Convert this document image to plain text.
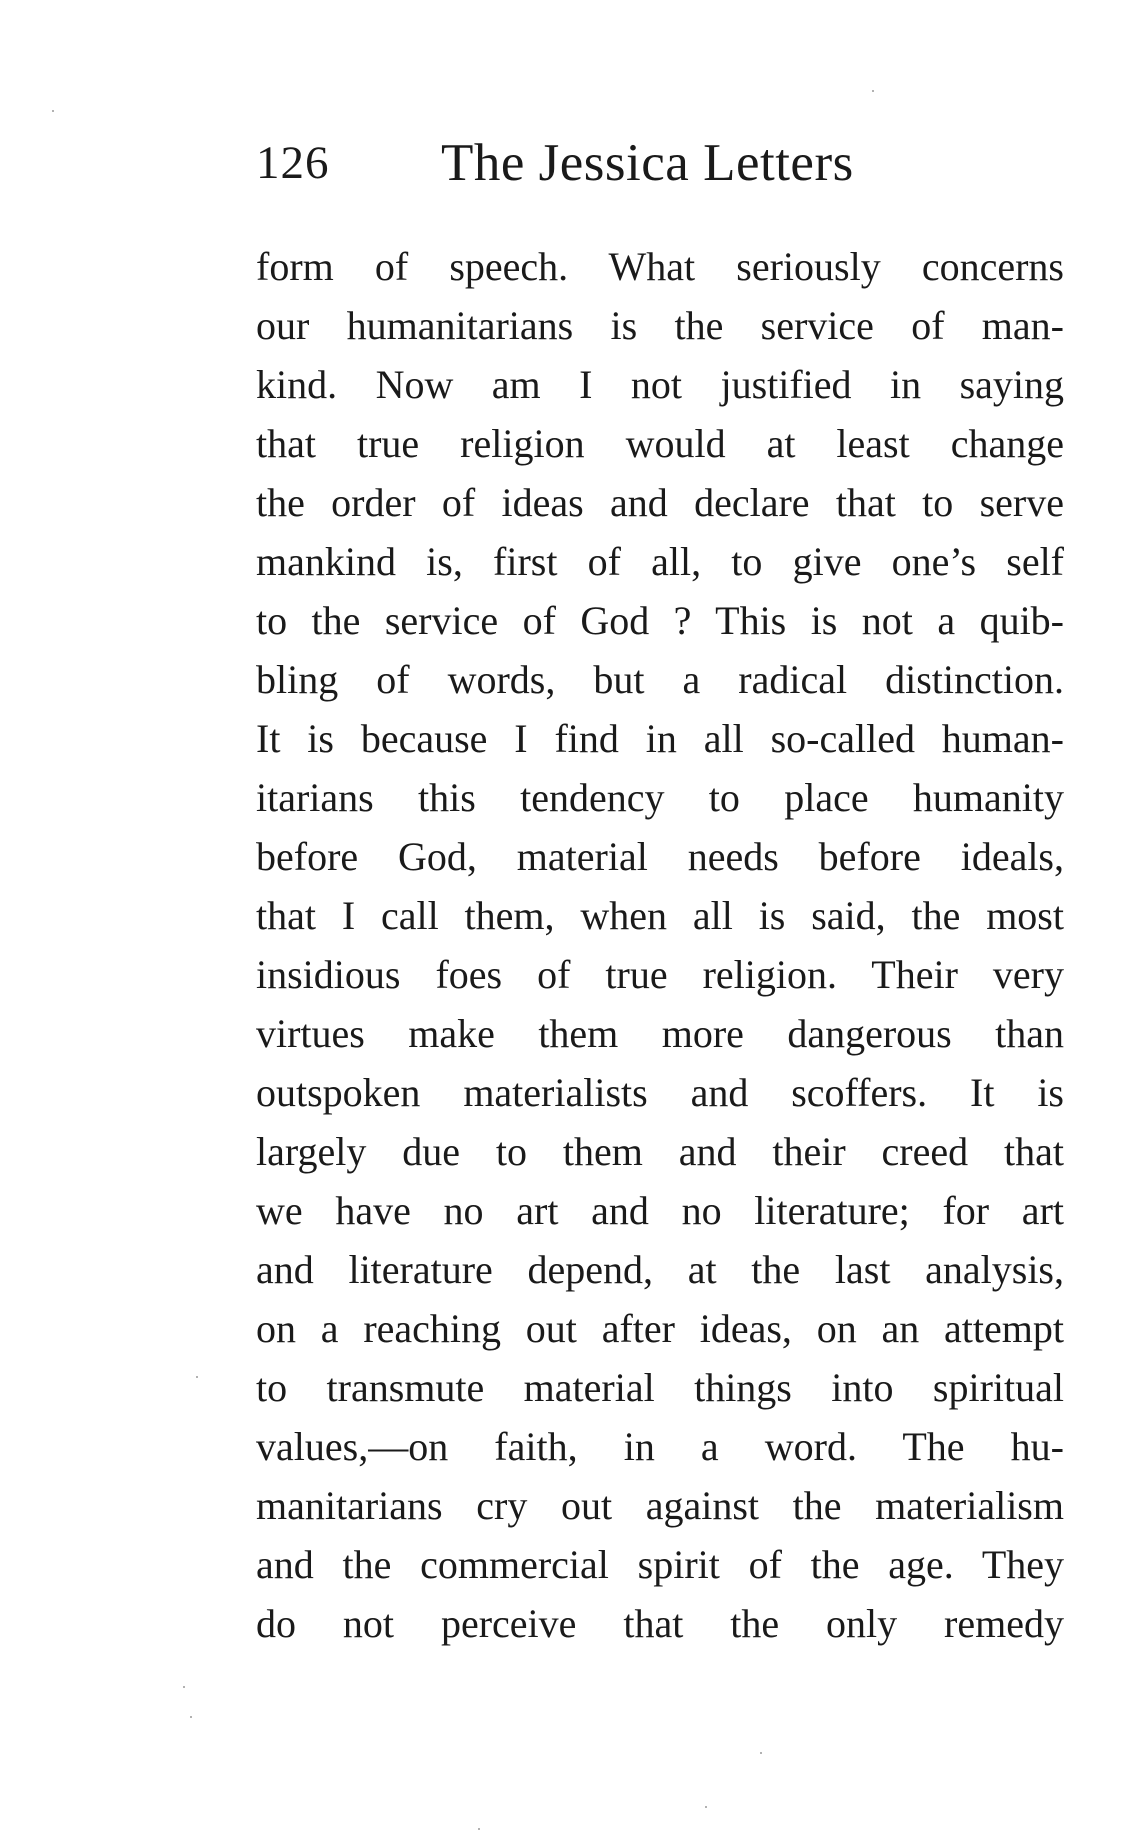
126 The Jessica Letters
form of speech. What seriously concerns
our humanitarians is the service of man-
kind. Now am I not justified in saying
that true religion would at least change
the order of ideas and declare that to serve
mankind is, first of all, to give one’s self
to the service of God ? This is not a quib-
bling of words, but a radical distinction.
It is because I find in all so-called human-
itarians this tendency to place humanity
before God, material needs before ideals,
that I call them, when all is said, the most
insidious foes of true religion. Their very
virtues make them more dangerous than
outspoken materialists and scoffers. It is
largely due to them and their creed that
we have no art and no literature; for art
and literature depend, at the last analysis,
on a reaching out after ideas, on an attempt
to transmute material things into spiritual
values,—on faith, in a word. The hu-
manitarians cry out against the materialism
and the commercial spirit of the age. They
do not perceive that the only remedy
